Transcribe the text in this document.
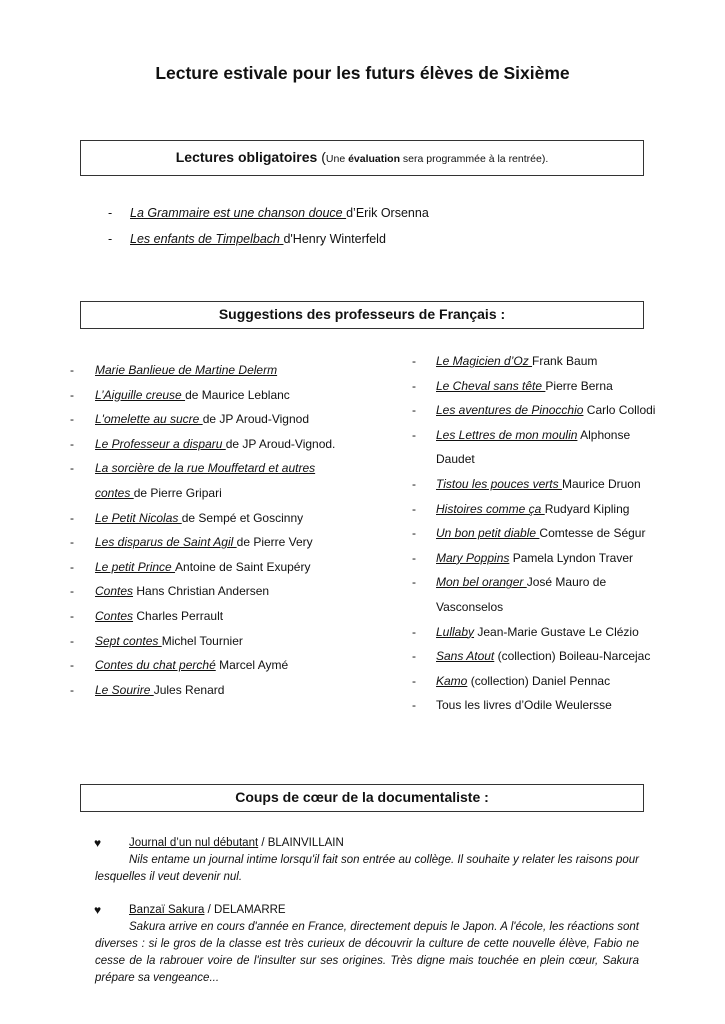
Lecture estivale pour les futurs élèves de Sixième
Lectures obligatoires (Une évaluation sera programmée à la rentrée).
- La Grammaire est une chanson douce d’Erik Orsenna
- Les enfants de Timpelbach d'Henry Winterfeld
Suggestions des professeurs de Français :
- Marie Banlieue de Martine Delerm
- L’Aiguille creuse de Maurice Leblanc
- L'omelette au sucre de JP Aroud-Vignod
- Le Professeur a disparu de JP Aroud-Vignod.
- La sorcière de la rue Mouffetard et autres
contes de Pierre Gripari
- Le Petit Nicolas de Sempé et Goscinny
- Les disparus de Saint Agil de Pierre Very
- Le petit Prince Antoine de Saint Exupéry
- Contes Hans Christian Andersen
- Contes Charles Perrault
- Sept contes Michel Tournier
- Contes du chat perché Marcel Aymé
- Le Sourire Jules Renard
- Le Magicien d’Oz Frank Baum
- Le Cheval sans tête Pierre Berna
- Les aventures de Pinocchio Carlo Collodi
- Les Lettres de mon moulin Alphonse
Daudet
- Tistou les pouces verts Maurice Druon
- Histoires comme ça Rudyard Kipling
- Un bon petit diable Comtesse de Ségur
- Mary Poppins Pamela Lyndon Traver
- Mon bel oranger José Mauro de
Vasconselos
- Lullaby Jean-Marie Gustave Le Clézio
- Sans Atout (collection) Boileau-Narcejac
- Kamo (collection) Daniel Pennac
- Tous les livres d’Odile Weulersse
Coups de cœur de la documentaliste :
♥ Journal d’un nul débutant / BLAINVILLAIN
Nils entame un journal intime lorsqu'il fait son entrée au collège. Il souhaite y relater les raisons pour lesquelles il veut devenir nul.
♥ Banzaï Sakura / DELAMARRE
Sakura arrive en cours d'année en France, directement depuis le Japon. A l'école, les réactions sont diverses : si le gros de la classe est très curieux de découvrir la culture de cette nouvelle élève, Fabio ne cesse de la rabrouer voire de l'insulter sur ses origines. Très digne mais touchée en plein cœur, Sakura prépare sa vengeance...
